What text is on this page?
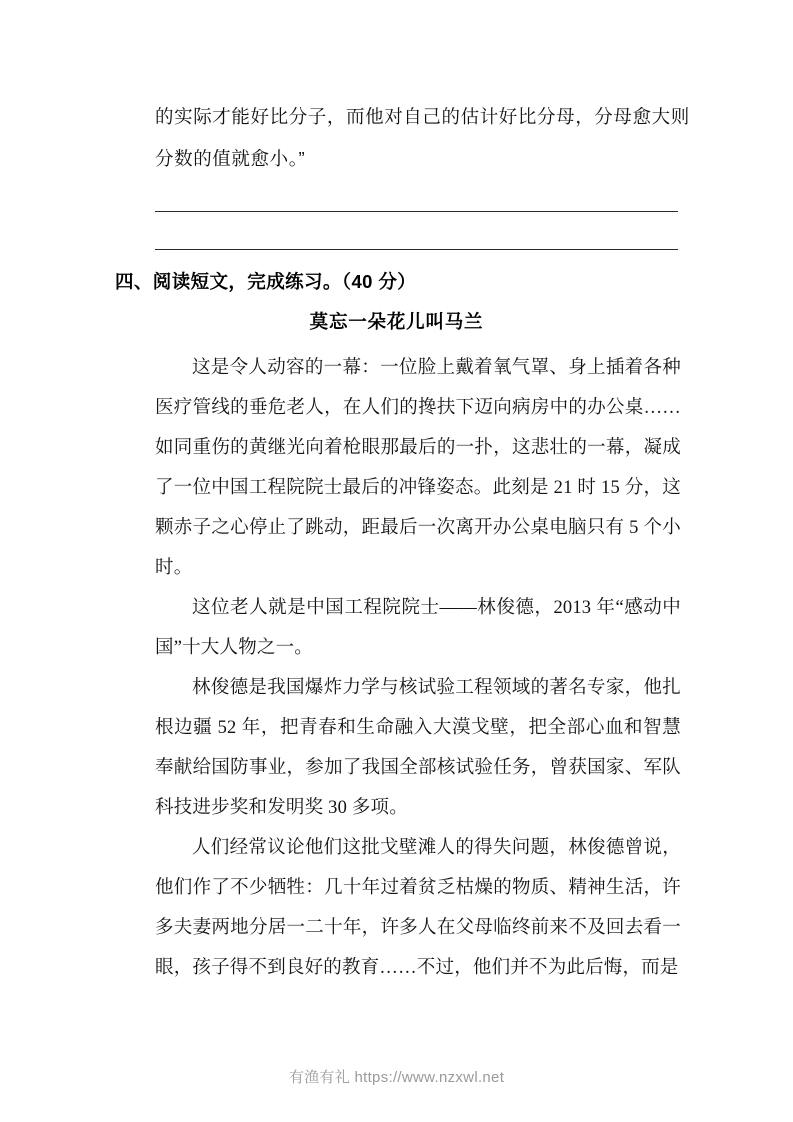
的实际才能好比分子，而他对自己的估计好比分母，分母愈大则
分数的值就愈小。”
四、阅读短文，完成练习。（40 分）
莫忘一朵花儿叫马兰

这是令人动容的一幕：一位脸上戴着氧气罩、身上插着各种医疗管线的垂危老人，在人们的搀扶下迈向病房中的办公桌……如同重伤的黄继光向着枪眼那最后的一扑，这悲壮的一幕，凝成了一位中国工程院院士最后的冲锋姿态。此刻是 21 时 15 分，这颗赤子之心停止了跳动，距最后一次离开办公桌电脑只有 5 个小时。

这位老人就是中国工程院院士——林俊德，2013 年“感动中国”十大人物之一。

林俊德是我国爆炸力学与核试验工程领域的著名专家，他扎根边疆 52 年，把青春和生命融入大漠戈壁，把全部心血和智慧奉献给国防事业，参加了我国全部核试验任务，曾获国家、军队科技进步奖和发明奖 30 多项。

人们经常议论他们这批戈壁滩人的得失问题，林俊德曾说，他们作了不少牺牲：几十年过着贫乏枯燥的物质、精神生活，许多夫妻两地分居一二十年，许多人在父母临终前来不及回去看一眼，孩子得不到良好的教育……不过，他们并不为此后悔，而是

有渔有礼 https://www.nzxwl.net
